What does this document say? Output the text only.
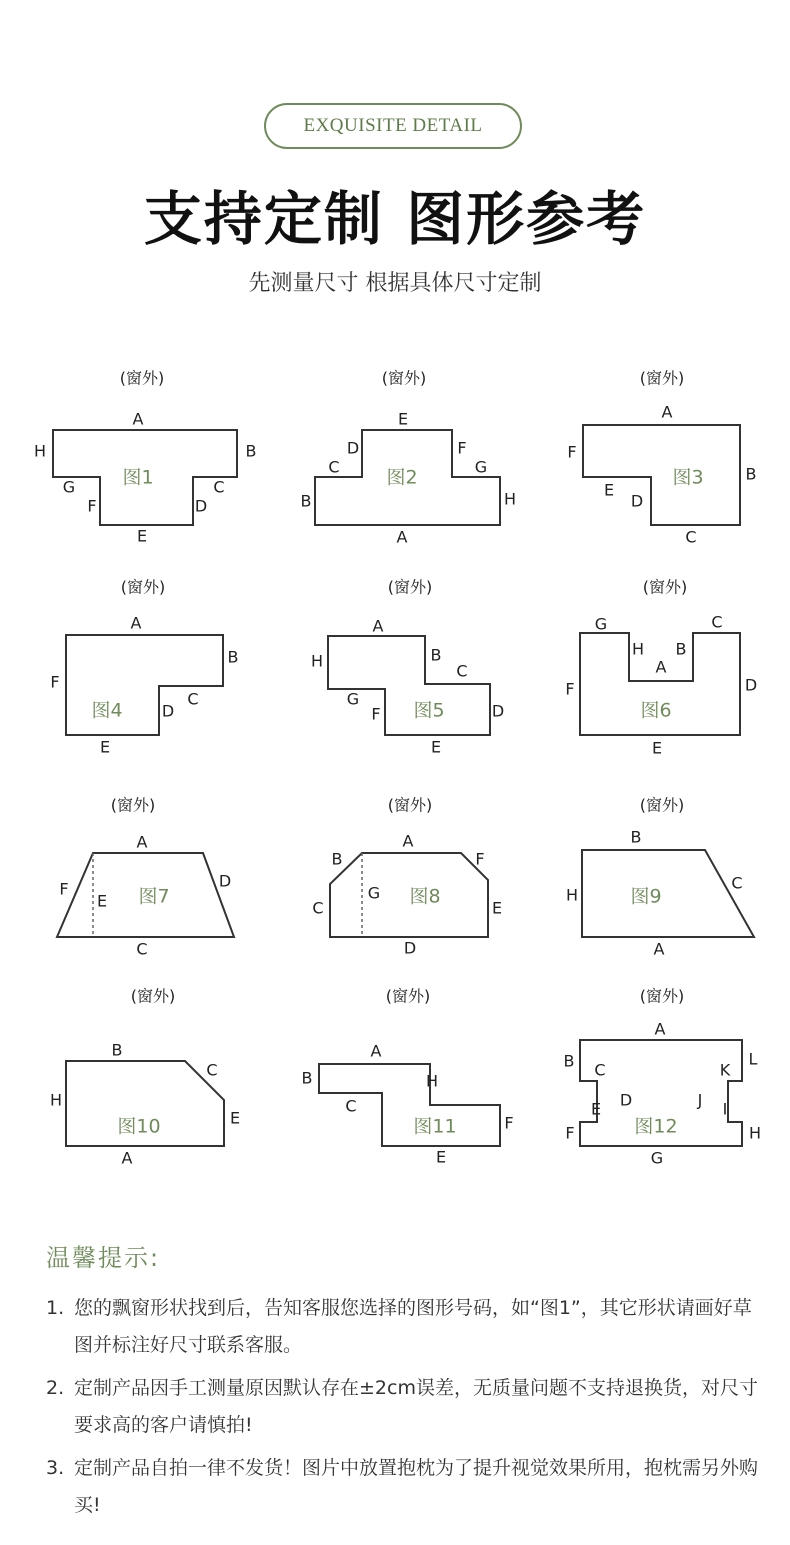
EXQUISITE DETAIL
支持定制 图形参考
先测量尺寸 根据具体尺寸定制
(窗外)
图1
A
B
C
D
E
F
G
H
(窗外)
图2
A
B
C
D
E
F
G
H
(窗外)
图3
A
B
C
D
E
F
(窗外)
图4
A
B
C
D
E
F
(窗外)
图5
A
B
C
D
E
F
G
H
(窗外)
图6
A
B
C
D
E
F
G
H
(窗外)
图7
A
C
D
E
F
(窗外)
图8
A
B
C
D
E
F
G
(窗外)
图9
A
B
C
H
(窗外)
图10
A
B
C
E
H
(窗外)
图11
A
B
C
E
F
H
(窗外)
图12
A
B C
D
E
F
G
H
I
J
K
L
温馨提示:
1. 您的飘窗形状找到后，告知客服您选择的图形号码，如“图1”，其它形状请画好草图并标注好尺寸联系客服。
2. 定制产品因手工测量原因默认存在±2cm误差，无质量问题不支持退换货，对尺寸要求高的客户请慎拍!
3. 定制产品自拍一律不发货！图片中放置抱枕为了提升视觉效果所用，抱枕需另外购买!
